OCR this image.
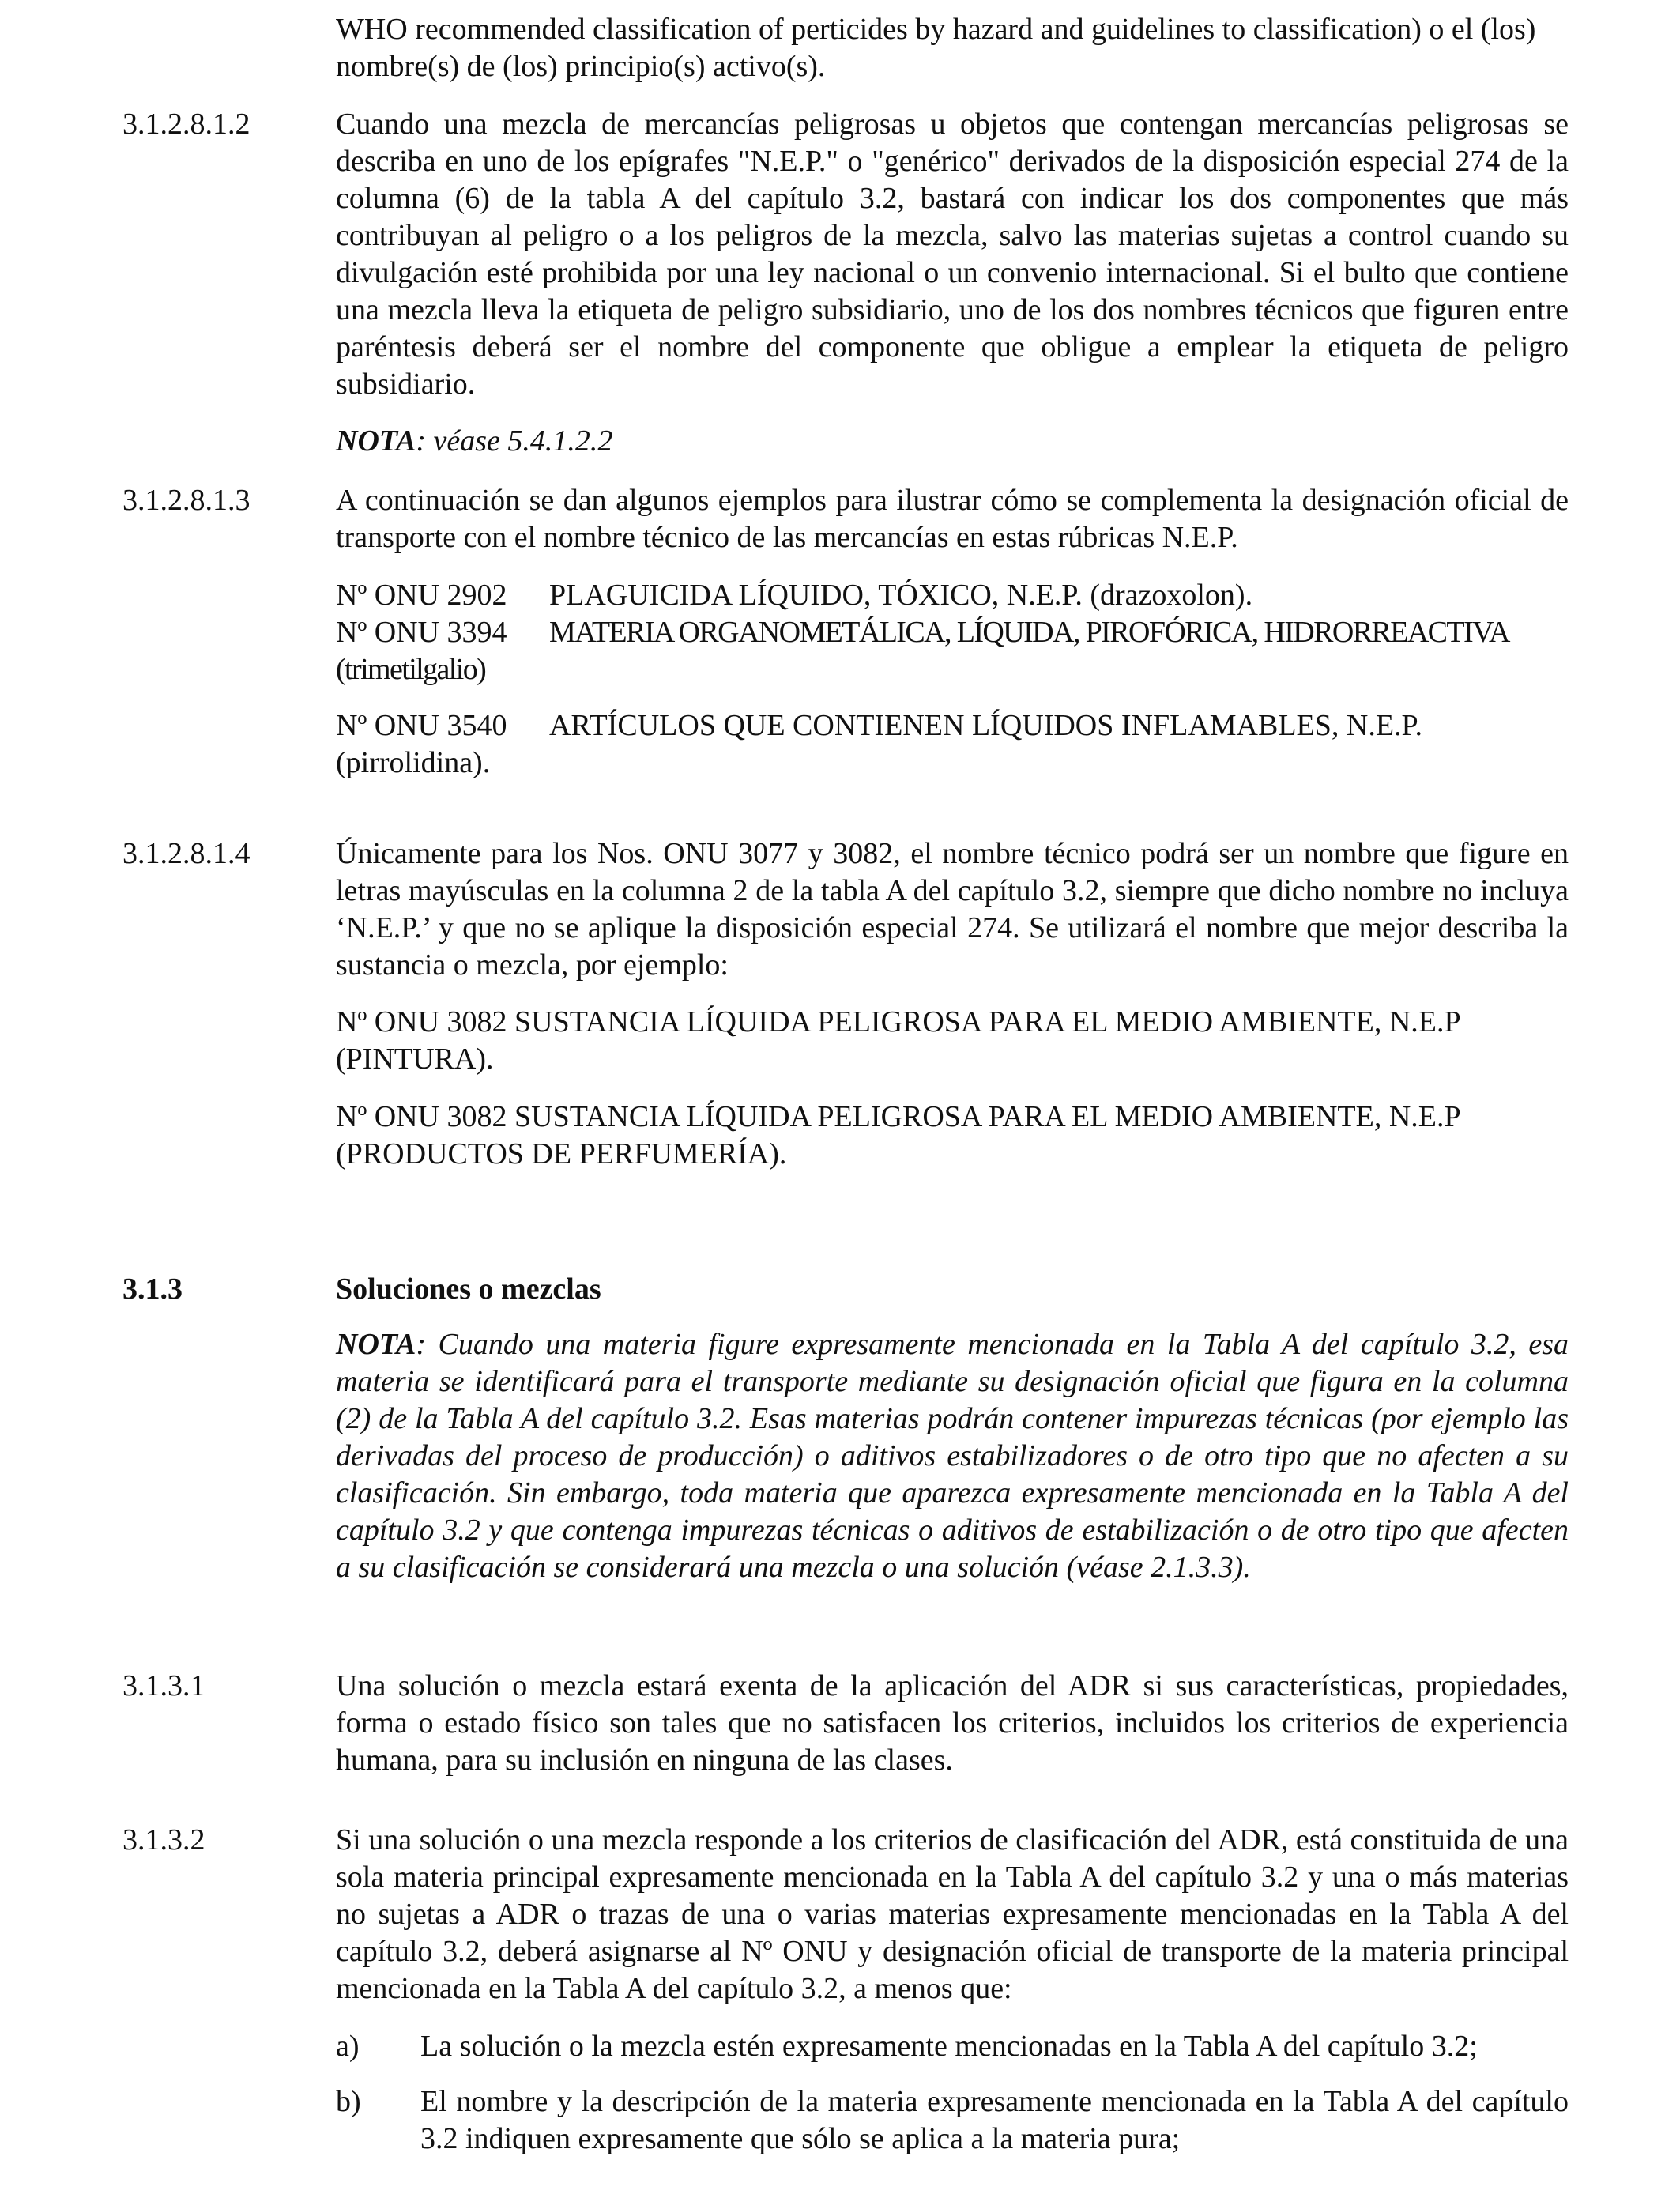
WHO recommended classification of perticides by hazard and guidelines to classification) o el (los)
nombre(s) de (los) principio(s) activo(s).
3.1.2.8.1.2	Cuando una mezcla de mercancías peligrosas u objetos que contengan mercancías peligrosas se describa en uno de los epígrafes "N.E.P." o "genérico" derivados de la disposición especial 274 de la columna (6) de la tabla A del capítulo 3.2, bastará con indicar los dos componentes que más contribuyan al peligro o a los peligros de la mezcla, salvo las materias sujetas a control cuando su divulgación esté prohibida por una ley nacional o un convenio internacional. Si el bulto que contiene una mezcla lleva la etiqueta de peligro subsidiario, uno de los dos nombres técnicos que figuren entre paréntesis deberá ser el nombre del componente que obligue a emplear la etiqueta de peligro subsidiario.

NOTA: véase 5.4.1.2.2

3.1.2.8.1.3	A continuación se dan algunos ejemplos para ilustrar cómo se complementa la designación oficial de transporte con el nombre técnico de las mercancías en estas rúbricas N.E.P.

Nº ONU 2902 PLAGUICIDA LÍQUIDO, TÓXICO, N.E.P. (drazoxolon).
Nº ONU 3394 MATERIA ORGANOMETÁLICA, LÍQUIDA, PIROFÓRICA, HIDRORREACTIVA
(trimetilgalio)
Nº ONU 3540 ARTÍCULOS QUE CONTIENEN LÍQUIDOS INFLAMABLES, N.E.P.
(pirrolidina).
3.1.2.8.1.4	Únicamente para los Nos. ONU 3077 y 3082, el nombre técnico podrá ser un nombre que figure en letras mayúsculas en la columna 2 de la tabla A del capítulo 3.2, siempre que dicho nombre no incluya ‘N.E.P.’ y que no se aplique la disposición especial 274. Se utilizará el nombre que mejor describa la sustancia o mezcla, por ejemplo:

Nº ONU 3082 SUSTANCIA LÍQUIDA PELIGROSA PARA EL MEDIO AMBIENTE, N.E.P
(PINTURA).
Nº ONU 3082 SUSTANCIA LÍQUIDA PELIGROSA PARA EL MEDIO AMBIENTE, N.E.P
(PRODUCTOS DE PERFUMERÍA).
3.1.3	Soluciones o mezclas

NOTA: Cuando una materia figure expresamente mencionada en la Tabla A del capítulo 3.2, esa materia se identificará para el transporte mediante su designación oficial que figura en la columna (2) de la Tabla A del capítulo 3.2. Esas materias podrán contener impurezas técnicas (por ejemplo las derivadas del proceso de producción) o aditivos estabilizadores o de otro tipo que no afecten a su clasificación. Sin embargo, toda materia que aparezca expresamente mencionada en la Tabla A del capítulo 3.2 y que contenga impurezas técnicas o aditivos de estabilización o de otro tipo que afecten a su clasificación se considerará una mezcla o una solución (véase 2.1.3.3).

3.1.3.1	Una solución o mezcla estará exenta de la aplicación del ADR si sus características, propiedades, forma o estado físico son tales que no satisfacen los criterios, incluidos los criterios de experiencia humana, para su inclusión en ninguna de las clases.

3.1.3.2	Si una solución o una mezcla responde a los criterios de clasificación del ADR, está constituida de una sola materia principal expresamente mencionada en la Tabla A del capítulo 3.2 y una o más materias no sujetas a ADR o trazas de una o varias materias expresamente mencionadas en la Tabla A del capítulo 3.2, deberá asignarse al Nº ONU y designación oficial de transporte de la materia principal mencionada en la Tabla A del capítulo 3.2, a menos que:

a) La solución o la mezcla estén expresamente mencionadas en la Tabla A del capítulo 3.2;

b) El nombre y la descripción de la materia expresamente mencionada en la Tabla A del capítulo 3.2 indiquen expresamente que sólo se aplica a la materia pura;
